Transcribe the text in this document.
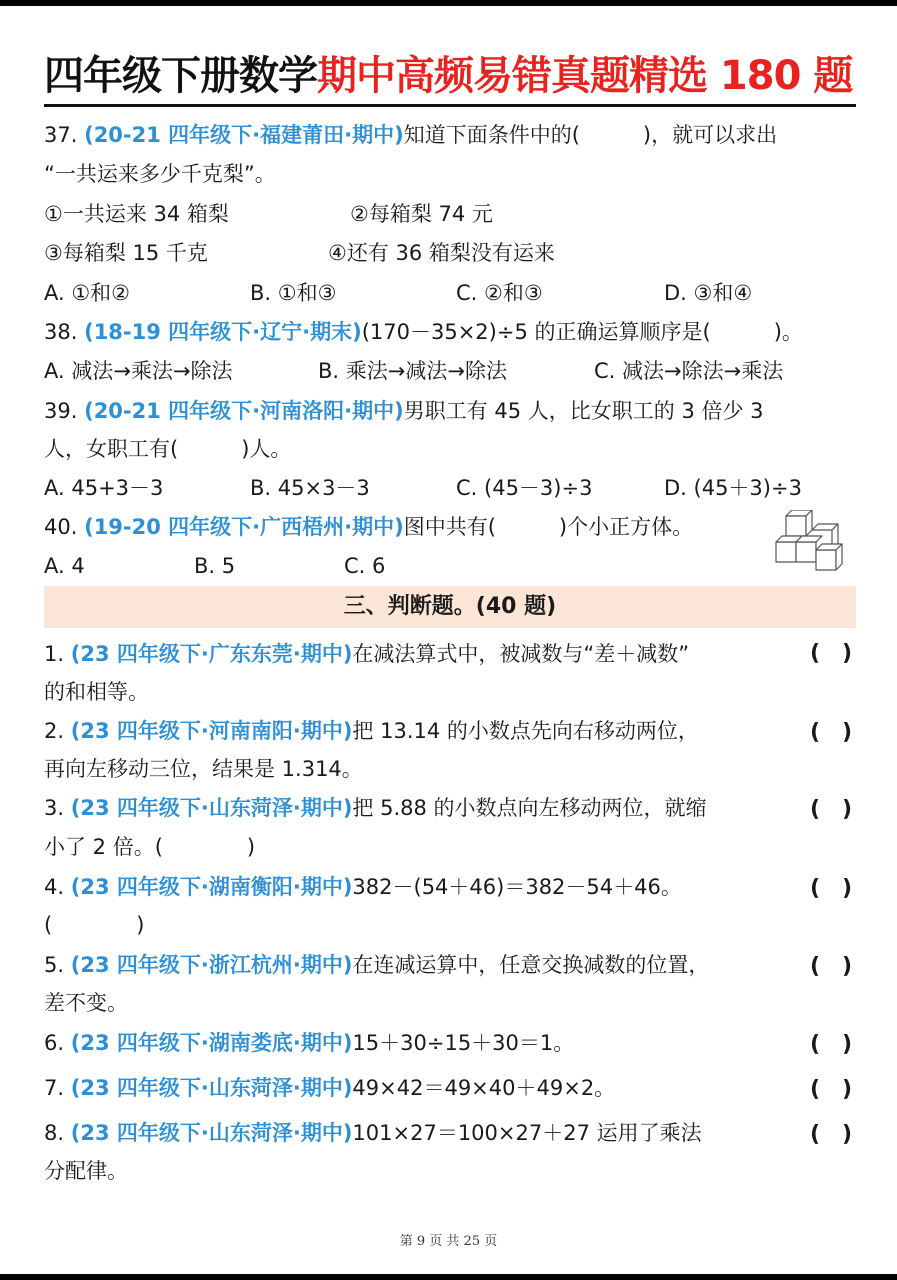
四年级下册数学期中高频易错真题精选 180 题
37. (20-21 四年级下·福建莆田·期中)知道下面条件中的(　　　)，就可以求出
“一共运来多少千克梨”。
①一共运来 34 箱梨	②每箱梨 74 元
③每箱梨 15 千克	④还有 36 箱梨没有运来
A. ①和②	B. ①和③	C. ②和③	D. ③和④
38. (18-19 四年级下·辽宁·期末)(170－35×2)÷5 的正确运算顺序是(　　　)。
A. 减法→乘法→除法	B. 乘法→减法→除法	C. 减法→除法→乘法
39. (20-21 四年级下·河南洛阳·期中)男职工有 45 人，比女职工的 3 倍少 3
人，女职工有(　　　)人。
A. 45+3－3	B. 45×3－3	C. (45－3)÷3	D. (45＋3)÷3
40. (19-20 四年级下·广西梧州·期中)图中共有(　　　)个小正方体。
A. 4	B. 5	C. 6
三、判断题。(40 题)
1. (23 四年级下·广东东莞·期中)在减法算式中，被减数与“差＋减数”	(　)
的和相等。
2. (23 四年级下·河南南阳·期中)把 13.14 的小数点先向右移动两位，	(　)
再向左移动三位，结果是 1.314。
3. (23 四年级下·山东菏泽·期中)把 5.88 的小数点向左移动两位，就缩	(　)
小了 2 倍。(　　　　)
4. (23 四年级下·湖南衡阳·期中)382－(54＋46)＝382－54＋46。	(　)
(　　　　)
5. (23 四年级下·浙江杭州·期中)在连减运算中，任意交换减数的位置，	(　)
差不变。
6. (23 四年级下·湖南娄底·期中)15＋30÷15＋30＝1。	(　)
7. (23 四年级下·山东菏泽·期中)49×42＝49×40＋49×2。	(　)
8. (23 四年级下·山东菏泽·期中)101×27＝100×27＋27 运用了乘法	(　)
分配律。
第 9 页 共 25 页
